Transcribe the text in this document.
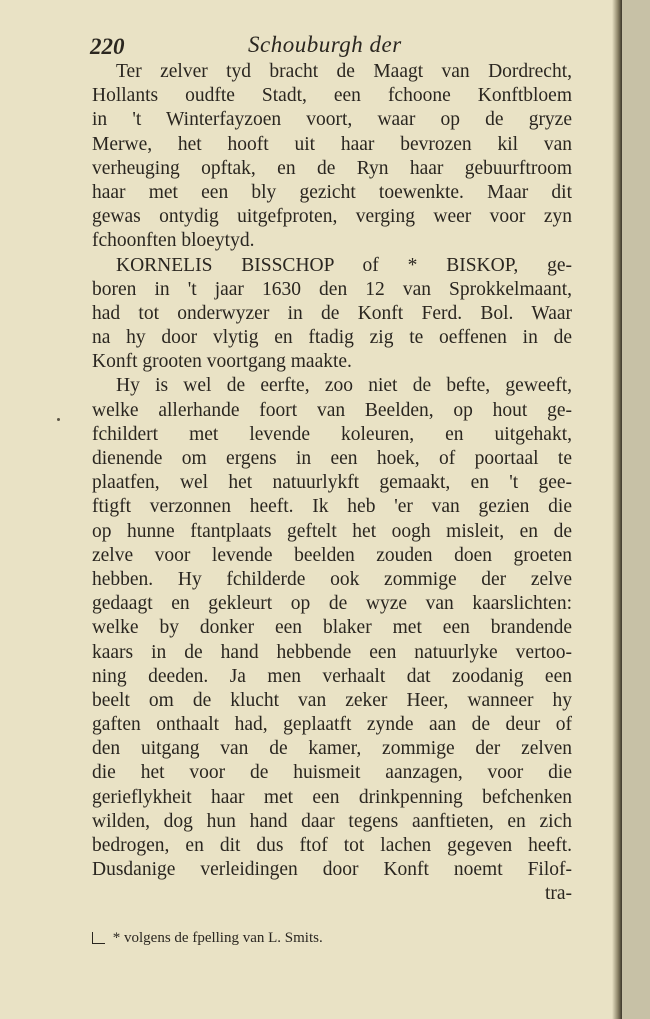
220	Schouburgh der
Ter zelver tyd bracht de Maagt van Dordrecht,
Hollants oudfte Stadt, een fchoone Konftbloem
in 't Winterfayzoen voort, waar op de gryze
Merwe, het hooft uit haar bevrozen kil van
verheuging opftak, en de Ryn haar gebuurftroom
haar met een bly gezicht toewenkte. Maar dit
gewas ontydig uitgefproten, verging weer voor zyn
fchoonften bloeytyd.
KORNELIS BISSCHOP of * BISKOP, ge-
boren in 't jaar 1630 den 12 van Sprokkelmaant,
had tot onderwyzer in de Konft Ferd. Bol. Waar
na hy door vlytig en ftadig zig te oeffenen in de
Konft grooten voortgang maakte.
Hy is wel de eerfte, zoo niet de befte, geweeft,
welke allerhande foort van Beelden, op hout ge-
fchildert met levende koleuren, en uitgehakt,
dienende om ergens in een hoek, of poortaal te
plaatfen, wel het natuurlykft gemaakt, en 't gee-
ftigft verzonnen heeft. Ik heb 'er van gezien die
op hunne ftantplaats geftelt het oogh misleit, en de
zelve voor levende beelden zouden doen groeten
hebben. Hy fchilderde ook zommige der zelve
gedaagt en gekleurt op de wyze van kaarslichten:
welke by donker een blaker met een brandende
kaars in de hand hebbende een natuurlyke vertoo-
ning deeden. Ja men verhaalt dat zoodanig een
beelt om de klucht van zeker Heer, wanneer hy
gaften onthaalt had, geplaatft zynde aan de deur of
den uitgang van de kamer, zommige der zelven
die het voor de huismeit aanzagen, voor die
gerieflykheit haar met een drinkpenning befchenken
wilden, dog hun hand daar tegens aanftieten, en zich
bedrogen, en dit dus ftof tot lachen gegeven heeft.
Dusdanige verleidingen door Konft noemt Filof-
tra-
* volgens de fpelling van L. Smits.
